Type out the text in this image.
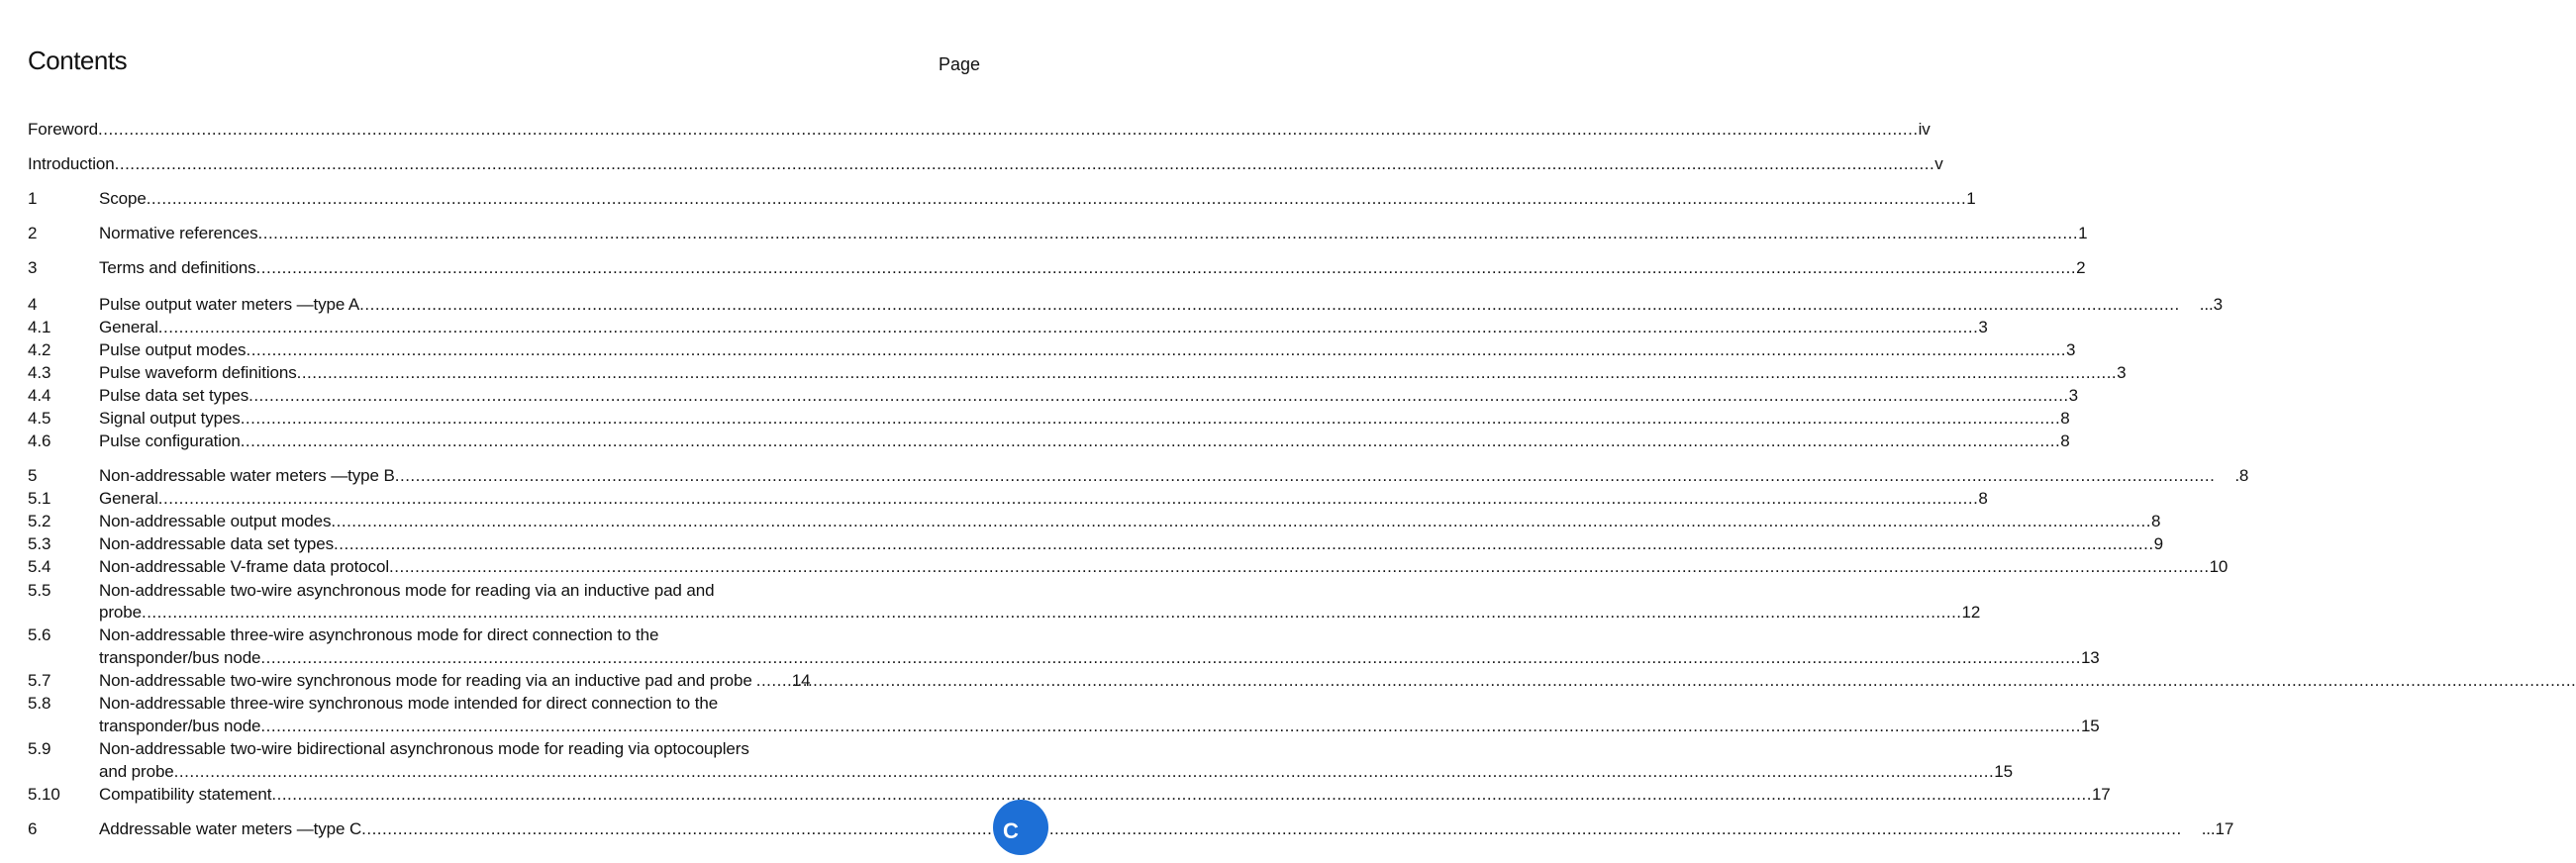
Contents	Page
Foreword .....	iv
Introduction .....	v
1	Scope .....	1
2	Normative references .....	1
3	Terms and definitions .....	2
4	Pulse output water meters —type A .....	...3
4.1	General .....	3
4.2	Pulse output modes .....	3
4.3	Pulse waveform definitions .....	3
4.4	Pulse data set types .....	3
4.5	Signal output types .....	8
4.6	Pulse configuration .....	8
5	Non-addressable water meters —type B .....	.8
5.1	General .....	8
5.2	Non-addressable output modes .....	8
5.3	Non-addressable data set types .....	9
5.4	Non-addressable V-frame data protocol .....	10
5.5	Non-addressable two-wire asynchronous mode for reading via an inductive pad and
probe .....	12
5.6	Non-addressable three-wire asynchronous mode for direct connection to the
transponder/bus node .....	13
5.7	Non-addressable two-wire synchronous mode for reading via an inductive pad and probe ..... 14
5.8	Non-addressable three-wire synchronous mode intended for direct connection to the
transponder/bus node .....	15
5.9	Non-addressable two-wire bidirectional asynchronous mode for reading via optocouplers
and probe .....	15
5.10 Compatibility statement .....	17
6	Addressable water meters —type C .....	...17
C
